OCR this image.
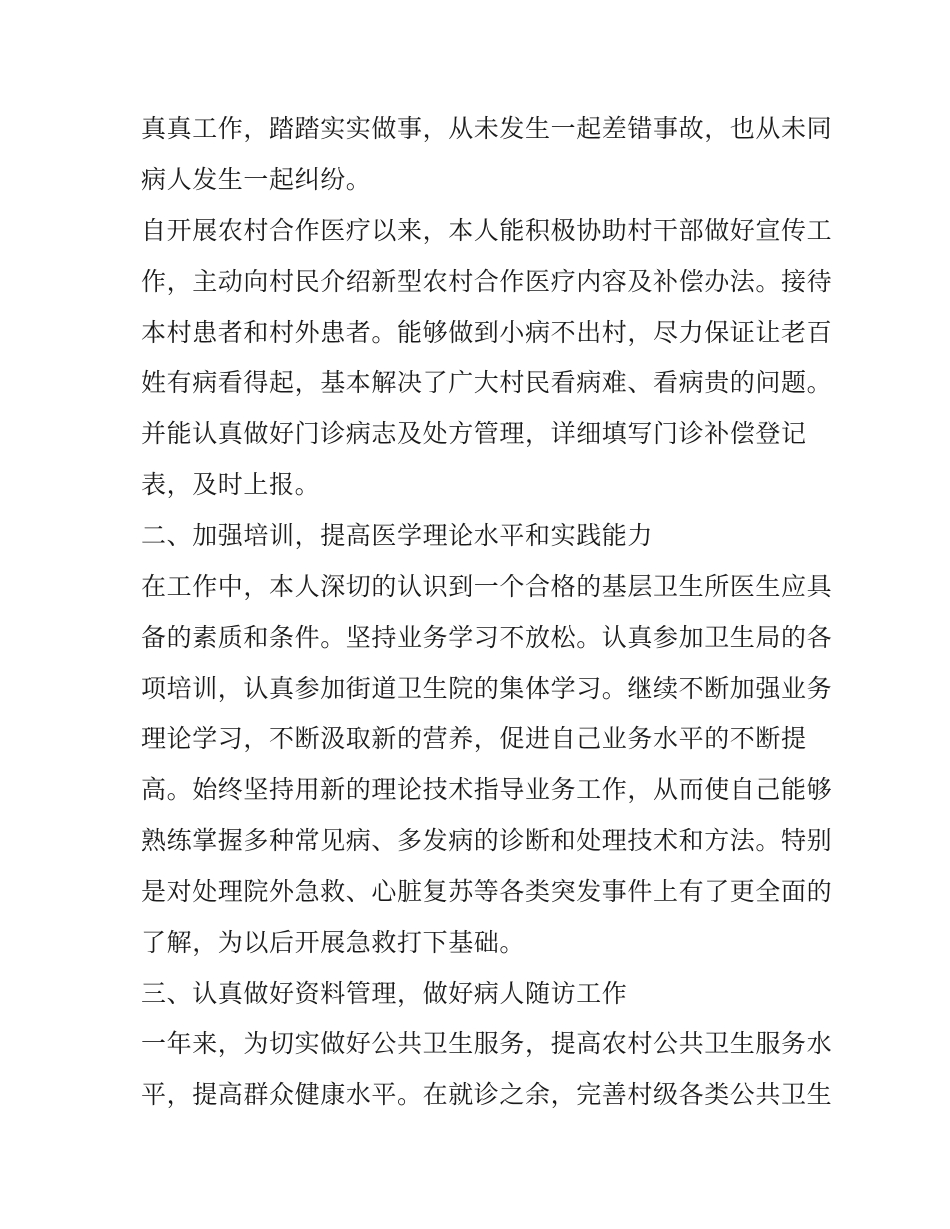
真真工作，踏踏实实做事，从未发生一起差错事故，也从未同
病人发生一起纠纷。
自开展农村合作医疗以来，本人能积极协助村干部做好宣传工
作，主动向村民介绍新型农村合作医疗内容及补偿办法。接待
本村患者和村外患者。能够做到小病不出村，尽力保证让老百
姓有病看得起，基本解决了广大村民看病难、看病贵的问题。
并能认真做好门诊病志及处方管理，详细填写门诊补偿登记
表，及时上报。
二、加强培训，提高医学理论水平和实践能力
在工作中，本人深切的认识到一个合格的基层卫生所医生应具
备的素质和条件。坚持业务学习不放松。认真参加卫生局的各
项培训，认真参加街道卫生院的集体学习。继续不断加强业务
理论学习，不断汲取新的营养，促进自己业务水平的不断提
高。始终坚持用新的理论技术指导业务工作，从而使自己能够
熟练掌握多种常见病、多发病的诊断和处理技术和方法。特别
是对处理院外急救、心脏复苏等各类突发事件上有了更全面的
了解，为以后开展急救打下基础。
三、认真做好资料管理，做好病人随访工作
一年来，为切实做好公共卫生服务，提高农村公共卫生服务水
平，提高群众健康水平。在就诊之余，完善村级各类公共卫生
